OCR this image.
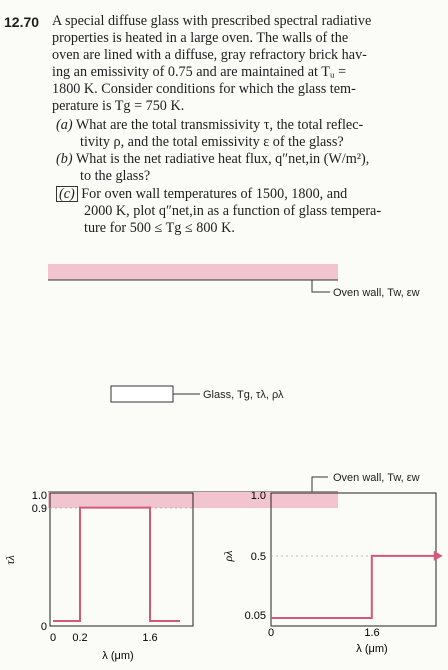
12.70 A special diffuse glass with prescribed spectral radiative

properties is heated in a large oven. The walls of the

oven are lined with a diffuse, gray refractory brick hav-

ing an emissivity of 0.75 and are maintained at Tᵤ =

1800 K. Consider conditions for which the glass tem-

perature is Tg = 750 K.

(a) What are the total transmissivity τ, the total reflec-
tivity ρ, and the total emissivity ε of the glass?
(b) What is the net radiative heat flux, q″net,in (W/m²),
to the glass?
(c) For oven wall temperatures of 1500, 1800, and
2000 K, plot q″net,in as a function of glass tempera-
ture for 500 ≤ Tg ≤ 800 K.
Oven wall, Tw, εw
Glass, Tg, τλ, ρλ
Oven wall, Tw, εw
1.0
0.9
0
0 0.2	1.6
λ (μm)
τλ
1.0
0.5
0.05
0	1.6
λ (μm)
ρλ
